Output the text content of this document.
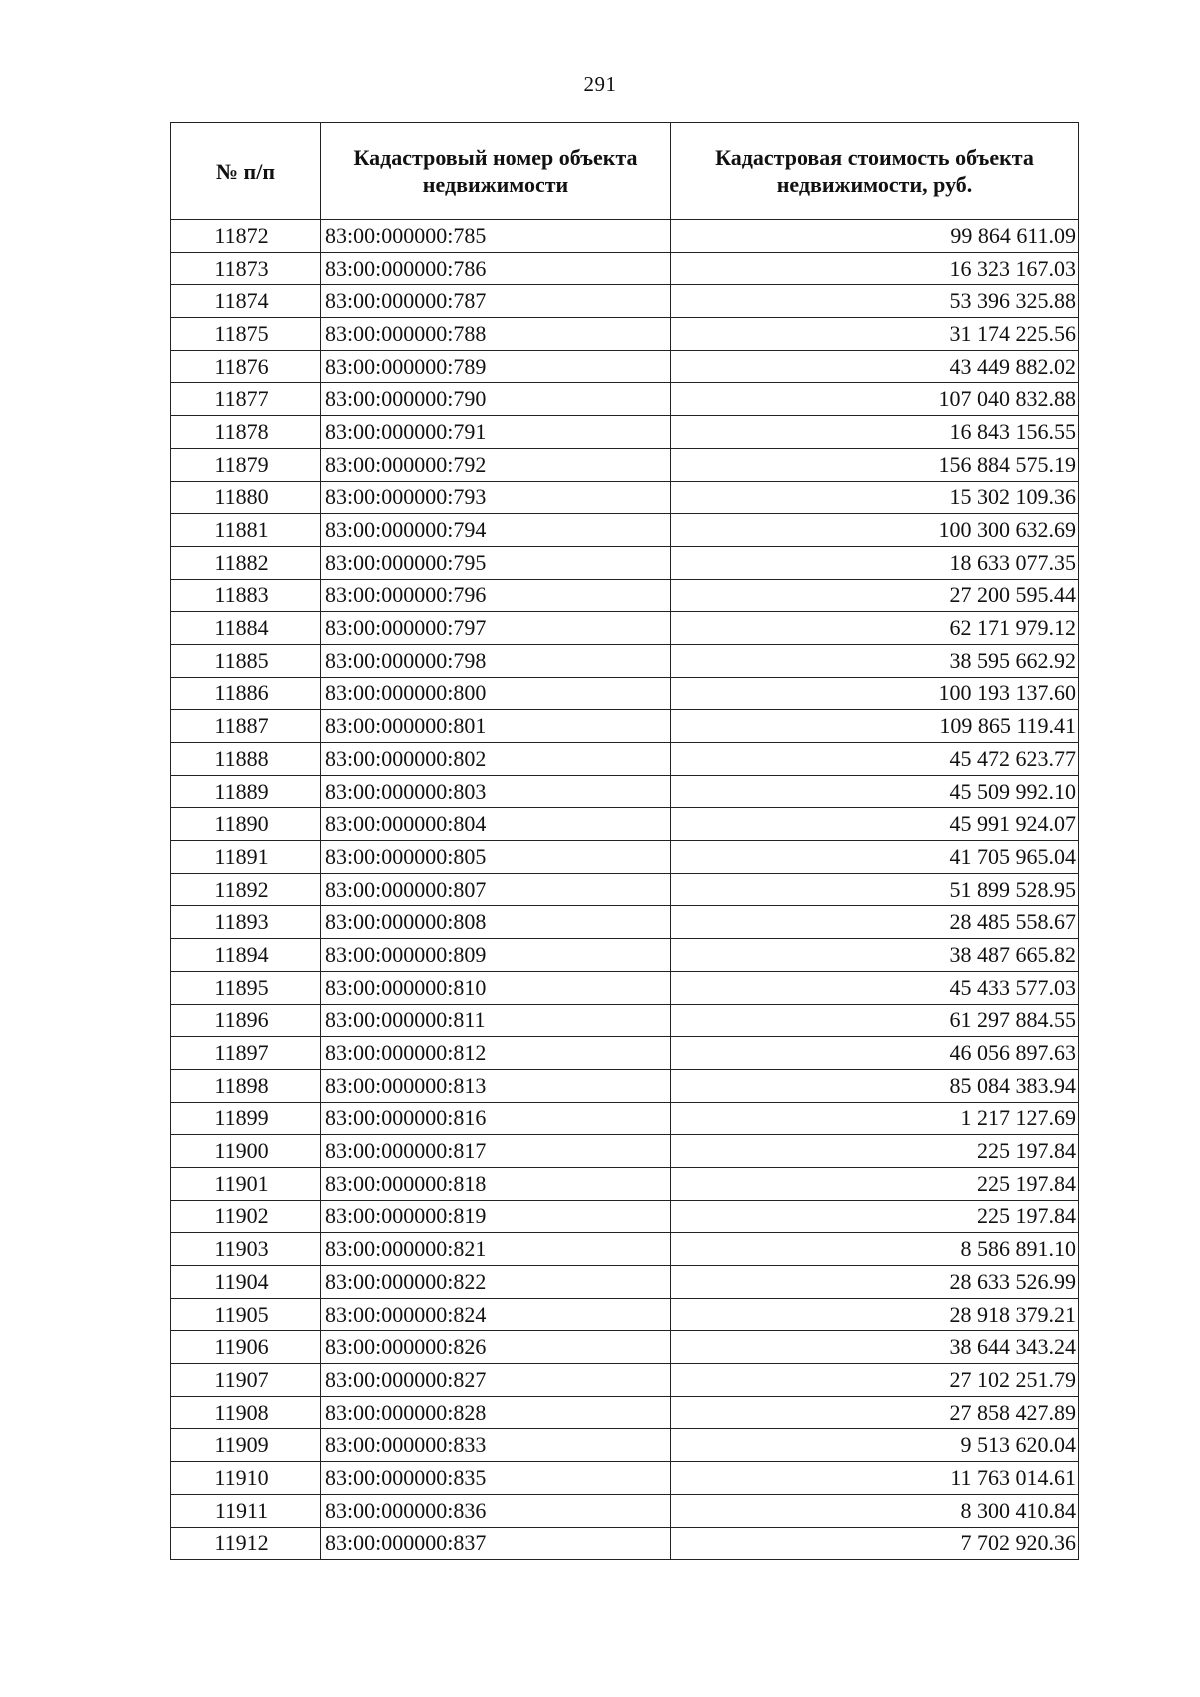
291
№ п/п	Кадастровый номер объекта недвижимости	Кадастровая стоимость объекта недвижимости, руб.
11872	83:00:000000:785	99 864 611.09
11873	83:00:000000:786	16 323 167.03
11874	83:00:000000:787	53 396 325.88
11875	83:00:000000:788	31 174 225.56
11876	83:00:000000:789	43 449 882.02
11877	83:00:000000:790	107 040 832.88
11878	83:00:000000:791	16 843 156.55
11879	83:00:000000:792	156 884 575.19
11880	83:00:000000:793	15 302 109.36
11881	83:00:000000:794	100 300 632.69
11882	83:00:000000:795	18 633 077.35
11883	83:00:000000:796	27 200 595.44
11884	83:00:000000:797	62 171 979.12
11885	83:00:000000:798	38 595 662.92
11886	83:00:000000:800	100 193 137.60
11887	83:00:000000:801	109 865 119.41
11888	83:00:000000:802	45 472 623.77
11889	83:00:000000:803	45 509 992.10
11890	83:00:000000:804	45 991 924.07
11891	83:00:000000:805	41 705 965.04
11892	83:00:000000:807	51 899 528.95
11893	83:00:000000:808	28 485 558.67
11894	83:00:000000:809	38 487 665.82
11895	83:00:000000:810	45 433 577.03
11896	83:00:000000:811	61 297 884.55
11897	83:00:000000:812	46 056 897.63
11898	83:00:000000:813	85 084 383.94
11899	83:00:000000:816	1 217 127.69
11900	83:00:000000:817	225 197.84
11901	83:00:000000:818	225 197.84
11902	83:00:000000:819	225 197.84
11903	83:00:000000:821	8 586 891.10
11904	83:00:000000:822	28 633 526.99
11905	83:00:000000:824	28 918 379.21
11906	83:00:000000:826	38 644 343.24
11907	83:00:000000:827	27 102 251.79
11908	83:00:000000:828	27 858 427.89
11909	83:00:000000:833	9 513 620.04
11910	83:00:000000:835	11 763 014.61
11911	83:00:000000:836	8 300 410.84
11912	83:00:000000:837	7 702 920.36
